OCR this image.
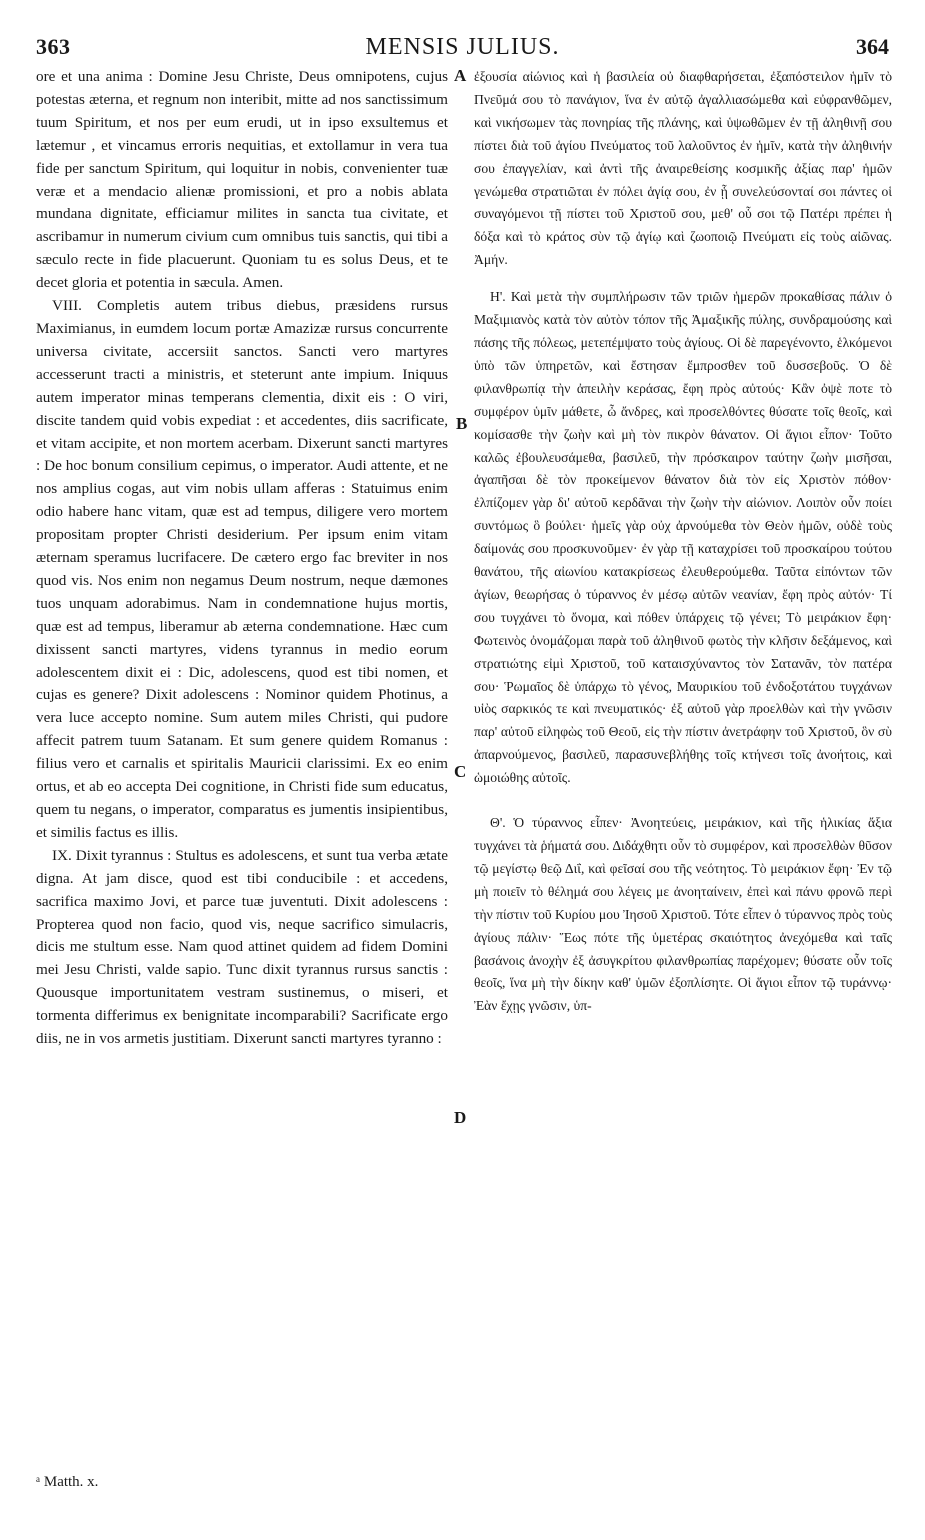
363	MENSIS JULIUS.	364

ore et una anima : Domine Jesu Christe, Deus omnipotens, cujus potestas æterna, et regnum non interibit, mitte ad nos sanctissimum tuum Spiritum, et nos per eum erudi, ut in ipso exsultemus et lætemur , et vincamus erroris nequitias, et extollamur in vera tua fide per sanctum Spiritum, qui loquitur in nobis, convenienter tuæ veræ et a mendacio alienæ promissioni, et pro a nobis ablata mundana dignitate, efficiamur milites in sancta tua civitate, et ascribamur in numerum civium cum omnibus tuis sanctis, qui tibi a sæculo recte in fide placuerunt. Quoniam tu es solus Deus, et te decet gloria et potentia in sæcula. Amen.

VIII. Completis autem tribus diebus, præsidens rursus Maximianus, in eumdem locum portæ Amazizæ rursus concurrente universa civitate, accersiit sanctos. Sancti vero martyres accesserunt tracti a ministris, et steterunt ante impium. Iniquus autem imperator minas temperans clementia, dixit eis : O viri, discite tandem quid vobis expediat : et accedentes, diis sacrificate, et vitam accipite, et non mortem acerbam. Dixerunt sancti martyres : De hoc bonum consilium cepimus, o imperator. Audi attente, et ne nos amplius cogas, aut vim nobis ullam afferas : Statuimus enim odio habere hanc vitam, quæ est ad tempus, diligere vero mortem propositam propter Christi desiderium. Per ipsum enim vitam æternam speramus lucrifacere. De cætero ergo fac breviter in nos quod vis. Nos enim non negamus Deum nostrum, neque dæmones tuos unquam adorabimus. Nam in condemnatione hujus mortis, quæ est ad tempus, liberamur ab æterna condemnatione. Hæc cum dixissent sancti martyres, videns tyrannus in medio eorum adolescentem dixit ei : Dic, adolescens, quod est tibi nomen, et cujas es genere? Dixit adolescens : Nominor quidem Photinus, a vera luce accepto nomine. Sum autem miles Christi, qui pudore affecit patrem tuum Satanam. Et sum genere quidem Romanus : filius vero et carnalis et spiritalis Mauricii clarissimi. Ex eo enim ortus, et ab eo accepta Dei cognitione, in Christi fide sum educatus, quem tu negans, o imperator, comparatus es jumentis insipientibus, et similis factus es illis.

IX. Dixit tyrannus : Stultus es adolescens, et sunt tua verba ætate digna. At jam disce, quod est tibi conducibile : et accedens, sacrifica maximo Jovi, et parce tuæ juventuti. Dixit adolescens : Propterea quod non facio, quod vis, neque sacrifico simulacris, dicis me stultum esse. Nam quod attinet quidem ad fidem Domini mei Jesu Christi, valde sapio. Tunc dixit tyrannus rursus sanctis : Quousque importunitatem vestram sustinemus, o miseri, et tormenta differimus ex benignitate incomparabili? Sacrificate ergo diis, ne in vos armetis justitiam. Dixerunt sancti martyres tyranno :

ἐξουσία αἰώνιος καὶ ἡ βασιλεία οὐ διαφθαρήσεται, ἐξαπόστειλον ἡμῖν τὸ Πνεῦμά σου τὸ πανάγιον, ἵνα ἐν αὐτῷ ἀγαλλιασώμεθα καὶ εὐφρανθῶμεν, καὶ νικήσωμεν τὰς πονηρίας τῆς πλάνης, καὶ ὑψωθῶμεν ἐν τῇ ἀληθινῇ σου πίστει διὰ τοῦ ἁγίου Πνεύματος τοῦ λαλοῦντος ἐν ἡμῖν, κατὰ τὴν ἀληθινήν σου ἐπαγγελίαν, καὶ ἀντὶ τῆς ἀναιρεθείσης κοσμικῆς ἀξίας παρ' ἡμῶν γενώμεθα στρατιῶται ἐν πόλει ἁγίᾳ σου, ἐν ᾗ συνελεύσονταί σοι πάντες οἱ συναγόμενοι τῇ πίστει τοῦ Χριστοῦ σου, μεθ' οὗ σοι τῷ Πατέρι πρέπει ἡ δόξα καὶ τὸ κράτος σὺν τῷ ἁγίῳ καὶ ζωοποιῷ Πνεύματι εἰς τοὺς αἰῶνας. Ἀμήν.

Η'. Καὶ μετὰ τὴν συμπλήρωσιν τῶν τριῶν ἡμερῶν προκαθίσας πάλιν ὁ Μαξιμιανὸς κατὰ τὸν αὐτὸν τόπον τῆς Ἀμαξικῆς πύλης, συνδραμούσης καὶ πάσης τῆς πόλεως, μετεπέμψατο τοὺς ἁγίους. Οἱ δὲ παρεγένοντο, ἑλκόμενοι ὑπὸ τῶν ὑπηρετῶν, καὶ ἔστησαν ἔμπροσθεν τοῦ δυσσεβοῦς. Ὁ δὲ φιλανθρωπίᾳ τὴν ἀπειλὴν κεράσας, ἔφη πρὸς αὐτούς· Κἂν ὀψὲ ποτε τὸ συμφέρον ὑμῖν μάθετε, ὦ ἄνδρες, καὶ προσελθόντες θύσατε τοῖς θεοῖς, καὶ κομίσασθε τὴν ζωὴν καὶ μὴ τὸν πικρὸν θάνατον. Οἱ ἅγιοι εἶπον· Τοῦτο καλῶς ἐβουλευσάμεθα, βασιλεῦ, τὴν πρόσκαιρον ταύτην ζωὴν μισῆσαι, ἀγαπῆσαι δὲ τὸν προκείμενον θάνατον διὰ τὸν εἰς Χριστὸν πόθον· ἐλπίζομεν γὰρ δι' αὐτοῦ κερδᾶναι τὴν ζωὴν τὴν αἰώνιον. Λοιπὸν οὖν ποίει συντόμως ὃ βούλει· ἡμεῖς γὰρ οὐχ ἀρνούμεθα τὸν Θεὸν ἡμῶν, οὐδὲ τοὺς δαίμονάς σου προσκυνοῦμεν· ἐν γὰρ τῇ καταχρίσει τοῦ προσκαίρου τούτου θανάτου, τῆς αἰωνίου κατακρίσεως ἐλευθερούμεθα. Ταῦτα εἰπόντων τῶν ἁγίων, θεωρήσας ὁ τύραννος ἐν μέσῳ αὐτῶν νεανίαν, ἔφη πρὸς αὐτόν· Τί σου τυγχάνει τὸ ὄνομα, καὶ πόθεν ὑπάρχεις τῷ γένει; Τὸ μειράκιον ἔφη· Φωτεινὸς ὀνομάζομαι παρὰ τοῦ ἀληθινοῦ φωτὸς τὴν κλῆσιν δεξάμενος, καὶ στρατιώτης εἰμὶ Χριστοῦ, τοῦ καταισχύναντος τὸν Σατανᾶν, τὸν πατέρα σου· Ῥωμαῖος δὲ ὑπάρχω τὸ γένος, Μαυρικίου τοῦ ἐνδοξοτάτου τυγχάνων υἱὸς σαρκικός τε καὶ πνευματικός· ἐξ αὐτοῦ γὰρ προελθὼν καὶ τὴν γνῶσιν παρ' αὐτοῦ εἰληφὼς τοῦ Θεοῦ, εἰς τὴν πίστιν ἀνετράφην τοῦ Χριστοῦ, ὃν σὺ ἀπαρνούμενος, βασιλεῦ, παρασυνεβλήθης τοῖς κτήνεσι τοῖς ἀνοήτοις, καὶ ὡμοιώθης αὐτοῖς.

Θ'. Ὁ τύραννος εἶπεν· Ἀνοητεύεις, μειράκιον, καὶ τῆς ἡλικίας ἄξια τυγχάνει τὰ ῥήματά σου. Διδάχθητι οὖν τὸ συμφέρον, καὶ προσελθὼν θῦσον τῷ μεγίστῳ θεῷ Διΐ, καὶ φεῖσαί σου τῆς νεότητος. Τὸ μειράκιον ἔφη· Ἐν τῷ μὴ ποιεῖν τὸ θέλημά σου λέγεις με ἀνοηταίνειν, ἐπεὶ καὶ πάνυ φρονῶ περὶ τὴν πίστιν τοῦ Κυρίου μου Ἰησοῦ Χριστοῦ. Τότε εἶπεν ὁ τύραννος πρὸς τοὺς ἁγίους πάλιν· Ἕως πότε τῆς ὑμετέρας σκαιότητος ἀνεχόμεθα καὶ ταῖς βασάνοις ἀνοχὴν ἐξ ἀσυγκρίτου φιλανθρωπίας παρέχομεν; θύσατε οὖν τοῖς θεοῖς, ἵνα μὴ τὴν δίκην καθ' ὑμῶν ἐξοπλίσητε. Οἱ ἅγιοι εἶπον τῷ τυράννῳ· Ἐὰν ἔχῃς γνῶσιν, ὑπ-

A
B
C
D
ᵃ Matth. x.
